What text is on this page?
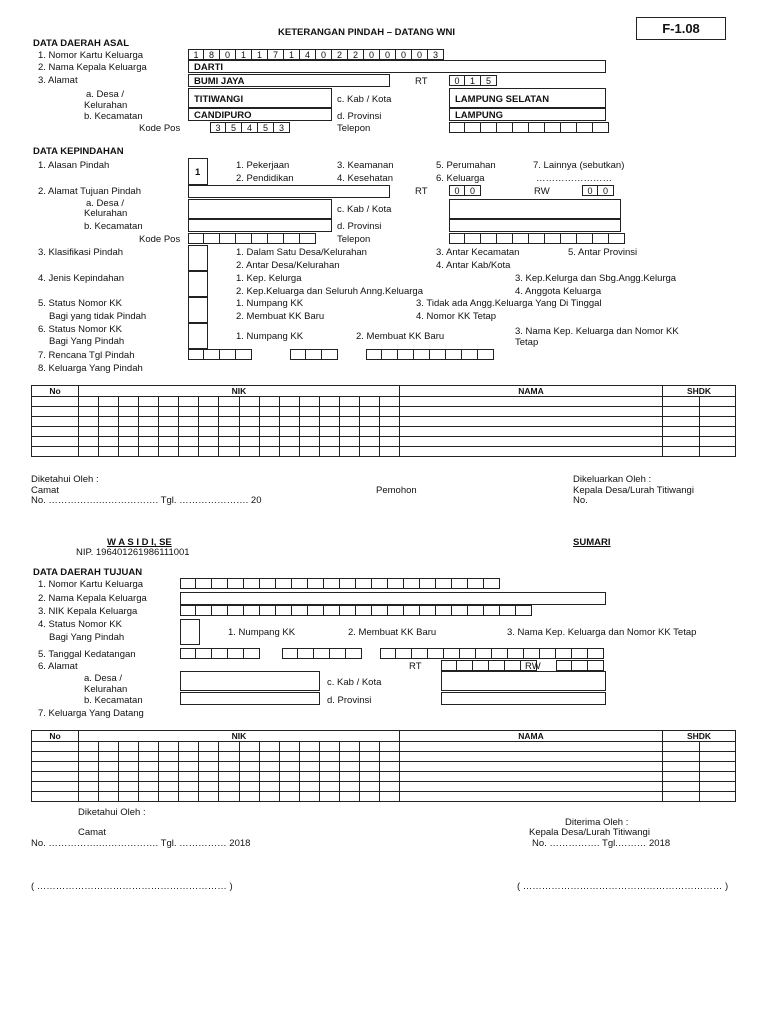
F-1.08
KETERANGAN PINDAH – DATANG WNI
DATA DAERAH ASAL
1. Nomor Kartu Keluarga	1	8	0	1	1	7	1	4	0	2	2	0	0	0	0	3
2. Nama Kepala Keluarga	DARTI
3. Alamat	BUMI JAYA	RT	0	1	5
a. Desa /
Kelurahan
TITIWANGI	c. Kab / Kota	LAMPUNG SELATAN
b. Kecamatan	CANDIPURO	d. Provinsi	LAMPUNG
Kode Pos	3	5	4	5	3	Telepon
DATA KEPINDAHAN
1. Alasan Pindah
1
1. Pekerjaan
2. Pendidikan
3. Keamanan
4. Kesehatan
5. Perumahan
6. Keluarga
7. Lainnya (sebutkan)
……………………
2. Alamat Tujuan Pindah	RT	0	0	RW	0	0
a. Desa /
Kelurahan	c. Kab / Kota
b. Kecamatan	d. Provinsi
Kode Pos	Telepon
3. Klasifikasi Pindah	1. Dalam Satu Desa/Kelurahan
2. Antar Desa/Kelurahan
3. Antar Kecamatan
4. Antar Kab/Kota
5. Antar Provinsi
4. Jenis Kepindahan	1. Kep. Kelurga
2. Kep.Keluarga dan Seluruh Anng.Keluarga
3. Kep.Kelurga dan Sbg.Angg.Kelurga
4. Anggota Keluarga
5. Status Nomor KK
Bagi yang tidak Pindah
1. Numpang KK
2. Membuat KK Baru
3. Tidak ada Angg.Keluarga Yang Di Tinggal
4. Nomor KK Tetap
6. Status Nomor KK
Bagi Yang Pindah	1. Numpang KK	2. Membuat KK Baru	3. Nama Kep. Keluarga dan Nomor KK
Tetap
7. Rencana Tgl Pindah
8. Keluarga Yang Pindah
No	NIK																NAMA	SHDK	

Diketahui Oleh :
Camat
No. …………….………………. Tgl. …………………. 20
Pemohon
Dikeluarkan Oleh :
Kepala Desa/Lurah Titiwangi
No.
W A S I D I, SE
NIP. 196401261986111001
SUMARI
DATA DAERAH TUJUAN
1. Nomor Kartu Keluarga
2. Nama Kepala Keluarga
3. NIK Kepala Keluarga
4. Status Nomor KK
Bagi Yang Pindah	1. Numpang KK	2. Membuat KK Baru	3. Nama Kep. Keluarga dan Nomor KK Tetap
5. Tanggal Kedatangan
6. Alamat	RT	RW
a. Desa /
Kelurahan
c. Kab / Kota
b. Kecamatan	d. Provinsi
7. Keluarga Yang Datang
No	NIK																NAMA	SHDK	

Diketahui Oleh :
Camat
No. …………….………………. Tgl. …………… 2018
Diterima Oleh :
Kepala Desa/Lurah Titiwangi
No. ……………. Tgl.……… 2018
( …………………………………………………… )	( ……………………………………………………… )
